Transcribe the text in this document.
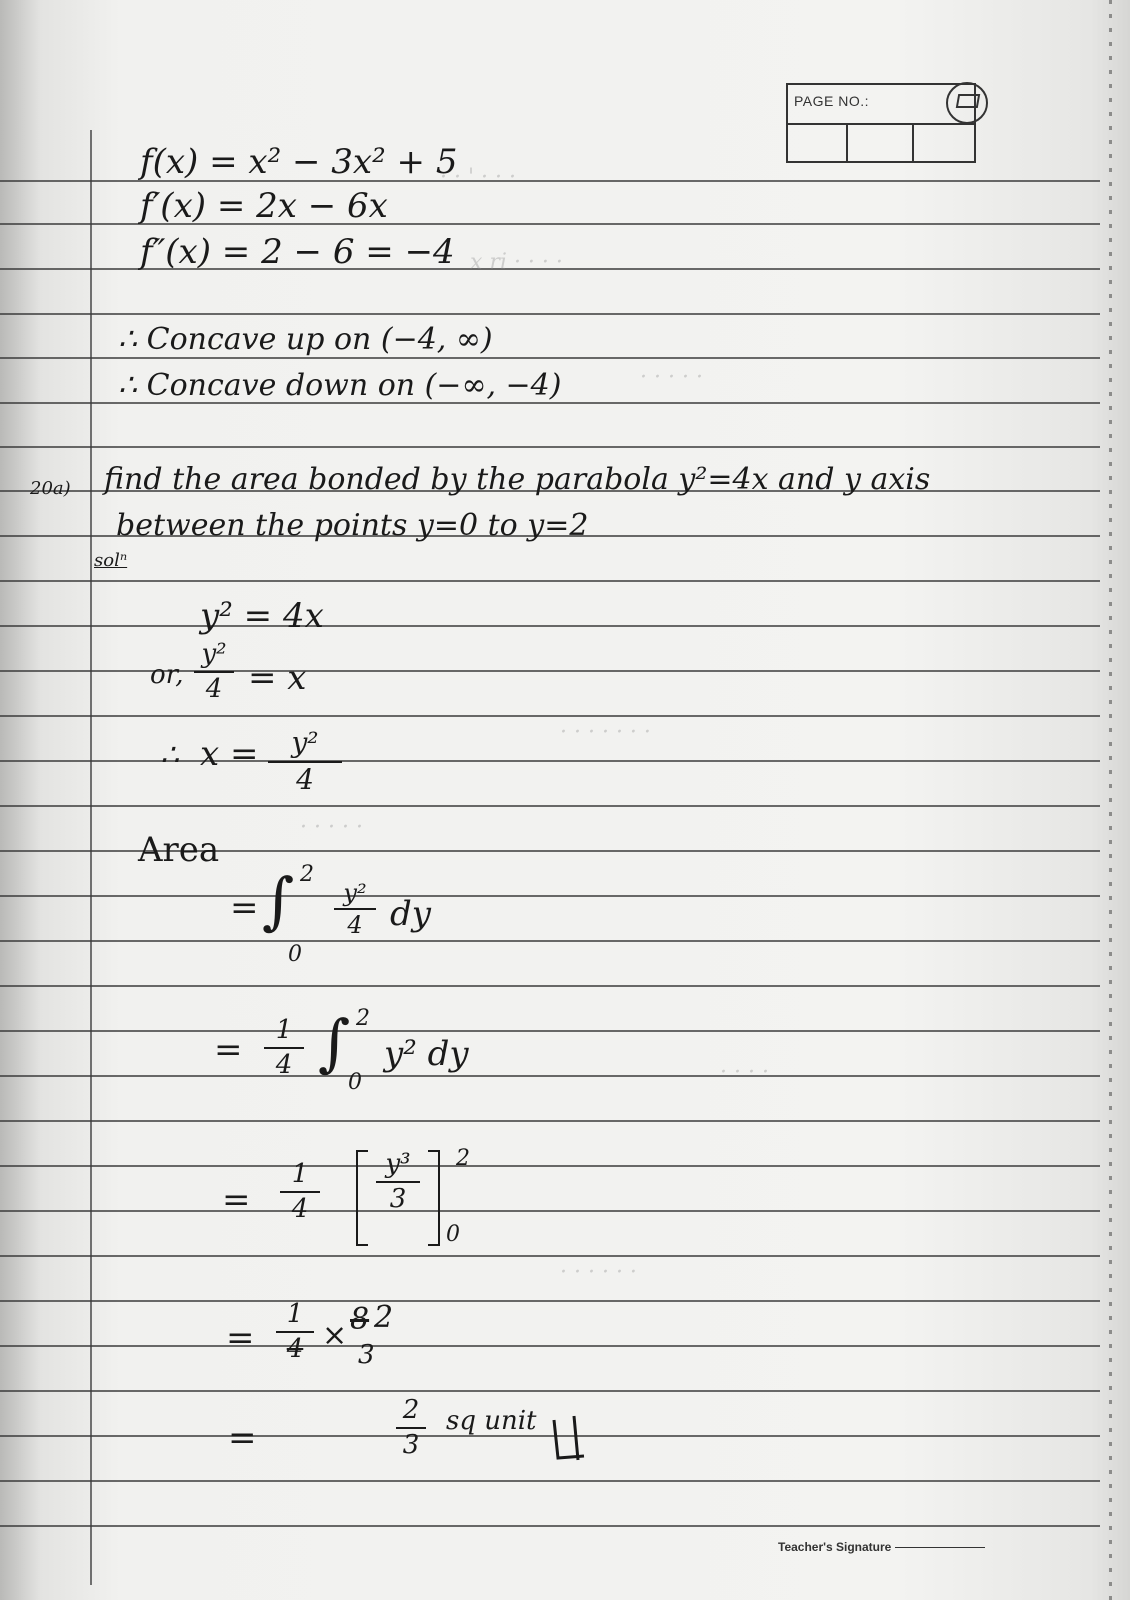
· · ' · · ·
x ri · · · ·
· · · · ·
· · · · · · ·
· · · · ·
· · · ·
· · · · · ·
PAGE NO.:
f(x) = x² − 3x² + 5
f′(x) = 2x − 6x
f″(x) = 2 − 6 = −4
∴ Concave up on (−4, ∞)
∴ Concave down on (−∞, −4)
20a) find the area bonded by the parabola y²=4x and y axis
between the points y=0 to y=2
solⁿ
y² = 4x
or,
y²
4 = x
∴ x =	y²
4
Area
= ∫ 2
0
y²
4 dy
=	1
4 ∫ 2
0
y² dy
=
1
4
y³
3
2
0
=
1
4 × 8 2
3
=
2
3
sq unit
Teacher's Signature
